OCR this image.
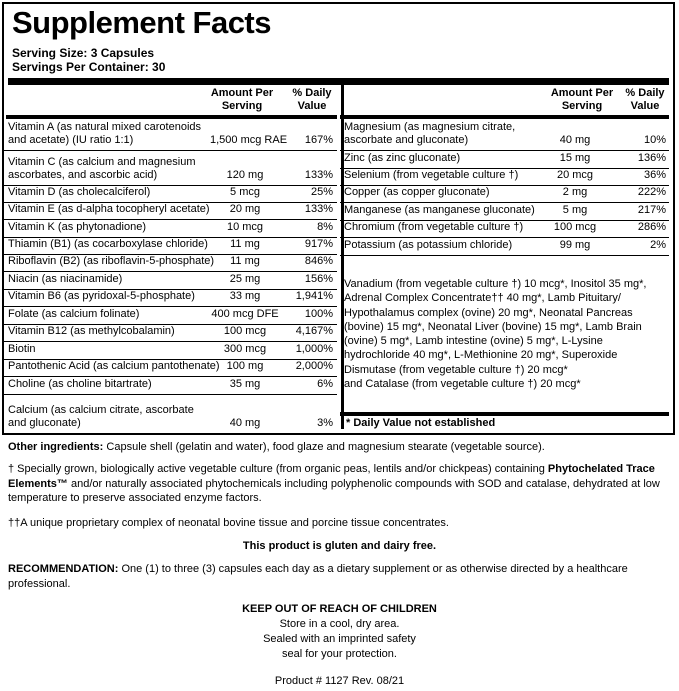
Supplement Facts
Serving Size: 3 Capsules
Servings Per Container: 30
Amount Per Serving
% Daily Value
Amount Per Serving
% Daily Value
Vitamin A (as natural mixed carotenoids and acetate) (IU ratio 1:1)	1,500 mcg RAE	167%
Vitamin C (as calcium and magnesium ascorbates, and ascorbic acid)	120 mg	133%
Vitamin D (as cholecalciferol)	5 mcg	25%
Vitamin E (as d-alpha tocopheryl acetate)	20 mg	133%
Vitamin K (as phytonadione)	10 mcg	8%
Thiamin (B1) (as cocarboxylase chloride)	11 mg	917%
Riboflavin (B2) (as riboflavin-5-phosphate)	11 mg	846%
Niacin (as niacinamide)	25 mg	156%
Vitamin B6 (as pyridoxal-5-phosphate)	33 mg	1,941%
Folate (as calcium folinate)	400 mcg DFE	100%
Vitamin B12 (as methylcobalamin)	100 mcg	4,167%
Biotin	300 mcg	1,000%
Pantothenic Acid (as calcium pantothenate) 100 mg	2,000%
Choline (as choline bitartrate)	35 mg	6%
Calcium (as calcium citrate, ascorbate and gluconate)	40 mg	3%
Magnesium (as magnesium citrate, ascorbate and gluconate)	40 mg	10%
Zinc (as zinc gluconate)	15 mg	136%
Selenium (from vegetable culture †)	20 mcg	36%
Copper (as copper gluconate)	2 mg	222%
Manganese (as manganese gluconate)	5 mg	217%
Chromium (from vegetable culture †)	100 mcg	286%
Potassium (as potassium chloride)	99 mg	2%
Vanadium (from vegetable culture †) 10 mcg*, Inositol 35 mg*,
Adrenal Complex Concentrate†† 40 mg*, Lamb Pituitary/
Hypothalamus complex (ovine) 20 mg*, Neonatal Pancreas
(bovine) 15 mg*, Neonatal Liver (bovine) 15 mg*, Lamb Brain
(ovine) 5 mg*, Lamb intestine (ovine) 5 mg*, L-Lysine
hydrochloride 40 mg*, L-Methionine 20 mg*, Superoxide
Dismutase (from vegetable culture †) 20 mcg*
and Catalase (from vegetable culture †) 20 mcg*
* Daily Value not established
Other ingredients: Capsule shell (gelatin and water), food glaze and magnesium stearate (vegetable source).
† Specially grown, biologically active vegetable culture (from organic peas, lentils and/or chickpeas) containing Phytochelated Trace Elements™ and/or naturally associated phytochemicals including polyphenolic compounds with SOD and catalase, dehydrated at low temperature to preserve associated enzyme factors.
††A unique proprietary complex of neonatal bovine tissue and porcine tissue concentrates.
This product is gluten and dairy free.
RECOMMENDATION: One (1) to three (3) capsules each day as a dietary supplement or as otherwise directed by a healthcare professional.
KEEP OUT OF REACH OF CHILDREN
Store in a cool, dry area.
Sealed with an imprinted safety
seal for your protection.
Product # 1127 Rev. 08/21
